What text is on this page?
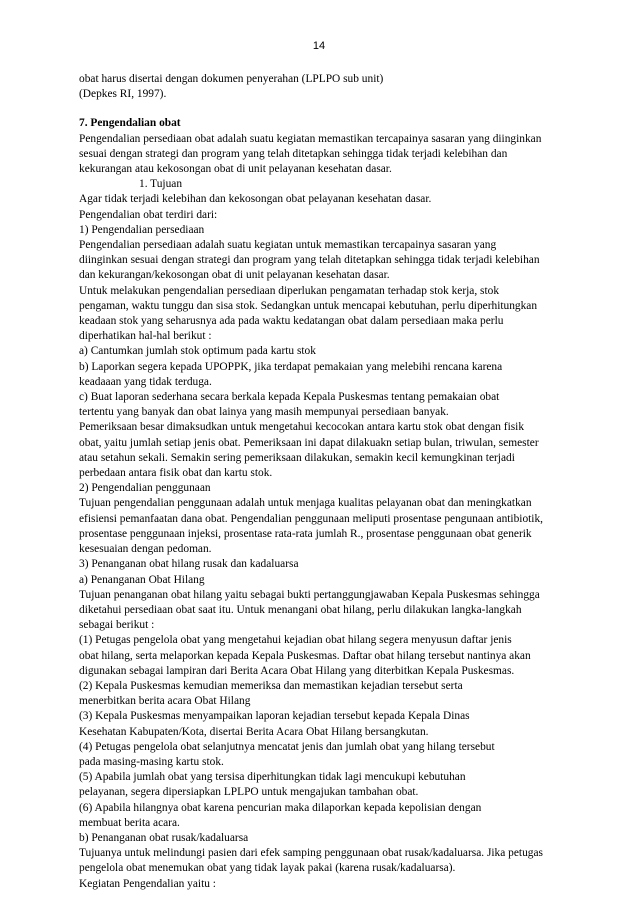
14
obat harus disertai dengan dokumen penyerahan (LPLPO sub unit)
(Depkes RI, 1997).
7. Pengendalian obat
Pengendalian persediaan obat adalah suatu kegiatan memastikan tercapainya sasaran yang diinginkan
sesuai dengan strategi dan program yang telah ditetapkan sehingga tidak terjadi kelebihan dan
kekurangan atau kekosongan obat di unit pelayanan kesehatan dasar.
1. Tujuan
Agar tidak terjadi kelebihan dan kekosongan obat pelayanan kesehatan dasar.
Pengendalian obat terdiri dari:
1) Pengendalian persediaan
Pengendalian persediaan adalah suatu kegiatan untuk memastikan tercapainya sasaran yang
diinginkan sesuai dengan strategi dan program yang telah ditetapkan sehingga tidak terjadi kelebihan
dan kekurangan/kekosongan obat di unit pelayanan kesehatan dasar.
Untuk melakukan pengendalian persediaan diperlukan pengamatan terhadap stok kerja, stok
pengaman, waktu tunggu dan sisa stok. Sedangkan untuk mencapai kebutuhan, perlu diperhitungkan
keadaan stok yang seharusnya ada pada waktu kedatangan obat dalam persediaan maka perlu
diperhatikan hal-hal berikut :
a) Cantumkan jumlah stok optimum pada kartu stok
b) Laporkan segera kepada UPOPPK, jika terdapat pemakaian yang melebihi rencana karena
keadaaan yang tidak terduga.
c) Buat laporan sederhana secara berkala kepada Kepala Puskesmas tentang pemakaian obat
tertentu yang banyak dan obat lainya yang masih mempunyai persediaan banyak.
Pemeriksaan besar dimaksudkan untuk mengetahui kecocokan antara kartu stok obat dengan fisik
obat, yaitu jumlah setiap jenis obat. Pemeriksaan ini dapat dilakuakn setiap bulan, triwulan, semester
atau setahun sekali. Semakin sering pemeriksaan dilakukan, semakin kecil kemungkinan terjadi
perbedaan antara fisik obat dan kartu stok.
2) Pengendalian penggunaan
Tujuan pengendalian penggunaan adalah untuk menjaga kualitas pelayanan obat dan meningkatkan
efisiensi pemanfaatan dana obat. Pengendalian penggunaan meliputi prosentase pengunaan antibiotik,
prosentase penggunaan injeksi, prosentase rata-rata jumlah R., prosentase penggunaan obat generik
kesesuaian dengan pedoman.
3) Penanganan obat hilang rusak dan kadaluarsa
a) Penanganan Obat Hilang
Tujuan penanganan obat hilang yaitu sebagai bukti pertanggungjawaban Kepala Puskesmas sehingga
diketahui persediaan obat saat itu. Untuk menangani obat hilang, perlu dilakukan langka-langkah
sebagai berikut :
(1) Petugas pengelola obat yang mengetahui kejadian obat hilang segera menyusun daftar jenis
obat hilang, serta melaporkan kepada Kepala Puskesmas. Daftar obat hilang tersebut nantinya akan
digunakan sebagai lampiran dari Berita Acara Obat Hilang yang diterbitkan Kepala Puskesmas.
(2) Kepala Puskesmas kemudian memeriksa dan memastikan kejadian tersebut serta
menerbitkan berita acara Obat Hilang
(3) Kepala Puskesmas menyampaikan laporan kejadian tersebut kepada Kepala Dinas
Kesehatan Kabupaten/Kota, disertai Berita Acara Obat Hilang bersangkutan.
(4) Petugas pengelola obat selanjutnya mencatat jenis dan jumlah obat yang hilang tersebut
pada masing-masing kartu stok.
(5) Apabila jumlah obat yang tersisa diperhitungkan tidak lagi mencukupi kebutuhan
pelayanan, segera dipersiapkan LPLPO untuk mengajukan tambahan obat.
(6) Apabila hilangnya obat karena pencurian maka dilaporkan kepada kepolisian dengan
membuat berita acara.
b) Penanganan obat rusak/kadaluarsa
Tujuanya untuk melindungi pasien dari efek samping penggunaan obat rusak/kadaluarsa. Jika petugas
pengelola obat menemukan obat yang tidak layak pakai (karena rusak/kadaluarsa).
Kegiatan Pengendalian yaitu :
